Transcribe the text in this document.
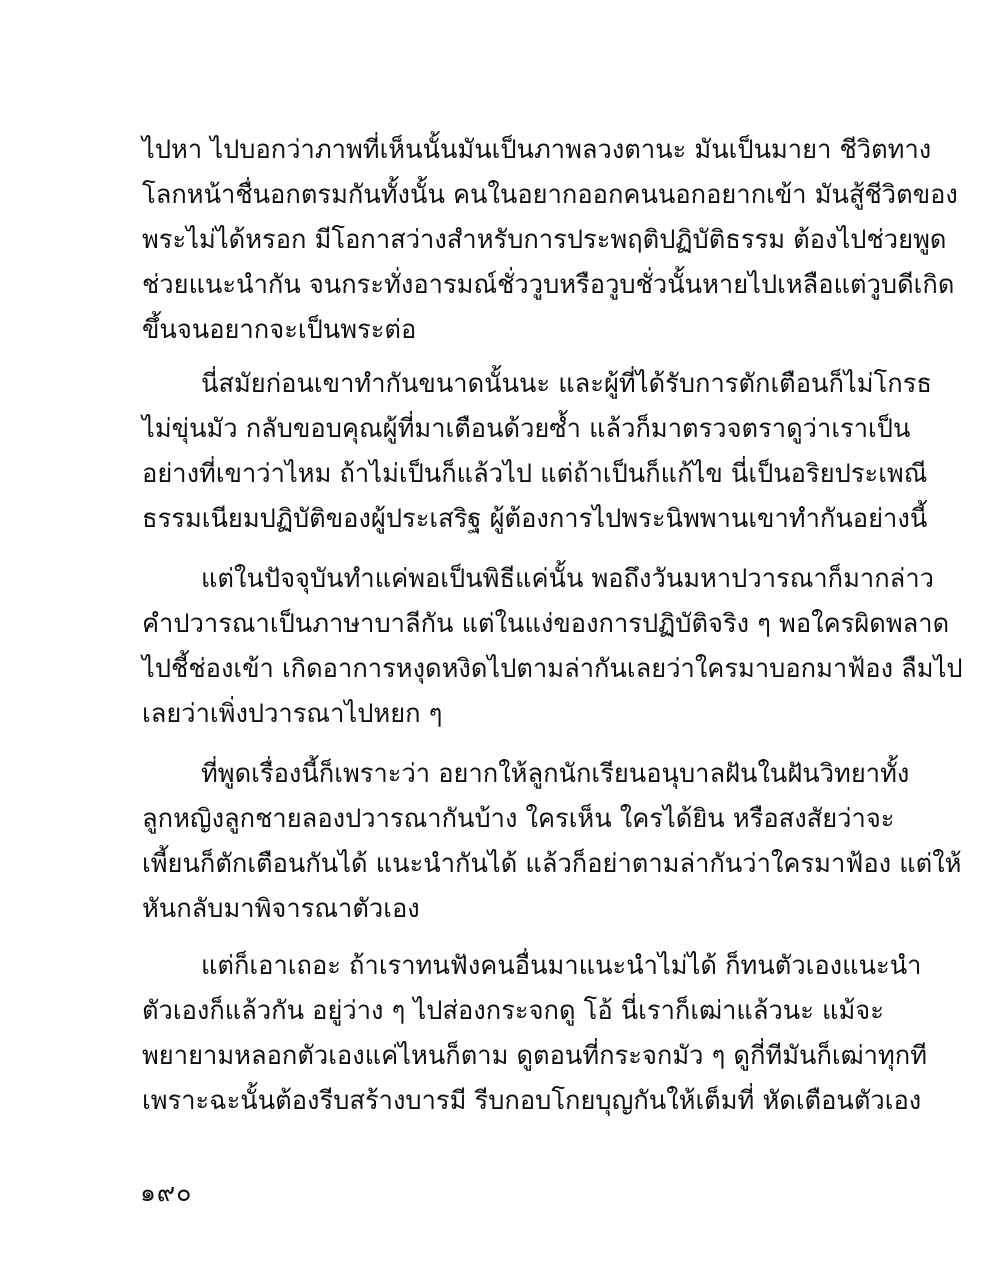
ไปหา ไปบอกว่าภาพที่เห็นนั้นมันเป็นภาพลวงตานะ มันเป็นมายา ชีวิตทาง
โลกหน้าชื่นอกตรมกันทั้งนั้น คนในอยากออกคนนอกอยากเข้า มันสู้ชีวิตของ
พระไม่ได้หรอก มีโอกาสว่างสำหรับการประพฤติปฏิบัติธรรม ต้องไปช่วยพูด
ช่วยแนะนำกัน จนกระทั่งอารมณ์ชั่ววูบหรือวูบชั่วนั้นหายไปเหลือแต่วูบดีเกิด
ขึ้นจนอยากจะเป็นพระต่อ
นี่สมัยก่อนเขาทำกันขนาดนั้นนะ และผู้ที่ได้รับการตักเตือนก็ไม่โกรธ
ไม่ขุ่นมัว กลับขอบคุณผู้ที่มาเตือนด้วยซ้ำ แล้วก็มาตรวจตราดูว่าเราเป็น
อย่างที่เขาว่าไหม ถ้าไม่เป็นก็แล้วไป แต่ถ้าเป็นก็แก้ไข นี่เป็นอริยประเพณี
ธรรมเนียมปฏิบัติของผู้ประเสริฐ ผู้ต้องการไปพระนิพพานเขาทำกันอย่างนี้
แต่ในปัจจุบันทำแค่พอเป็นพิธีแค่นั้น พอถึงวันมหาปวารณาก็มากล่าว
คำปวารณาเป็นภาษาบาลีกัน แต่ในแง่ของการปฏิบัติจริง ๆ พอใครผิดพลาด
ไปชี้ช่องเข้า เกิดอาการหงุดหงิดไปตามล่ากันเลยว่าใครมาบอกมาฟ้อง ลืมไป
เลยว่าเพิ่งปวารณาไปหยก ๆ
ที่พูดเรื่องนี้ก็เพราะว่า อยากให้ลูกนักเรียนอนุบาลฝันในฝันวิทยาทั้ง
ลูกหญิงลูกชายลองปวารณากันบ้าง ใครเห็น ใครได้ยิน หรือสงสัยว่าจะ
เพี้ยนก็ตักเตือนกันได้ แนะนำกันได้ แล้วก็อย่าตามล่ากันว่าใครมาฟ้อง แต่ให้
หันกลับมาพิจารณาตัวเอง
แต่ก็เอาเถอะ ถ้าเราทนฟังคนอื่นมาแนะนำไม่ได้ ก็ทนตัวเองแนะนำ
ตัวเองก็แล้วกัน อยู่ว่าง ๆ ไปส่องกระจกดู โอ้ นี่เราก็เฒ่าแล้วนะ แม้จะ
พยายามหลอกตัวเองแค่ไหนก็ตาม ดูตอนที่กระจกมัว ๆ ดูกี่ทีมันก็เฒ่าทุกที
เพราะฉะนั้นต้องรีบสร้างบารมี รีบกอบโกยบุญกันให้เต็มที่ หัดเตือนตัวเอง
๑๙๐
